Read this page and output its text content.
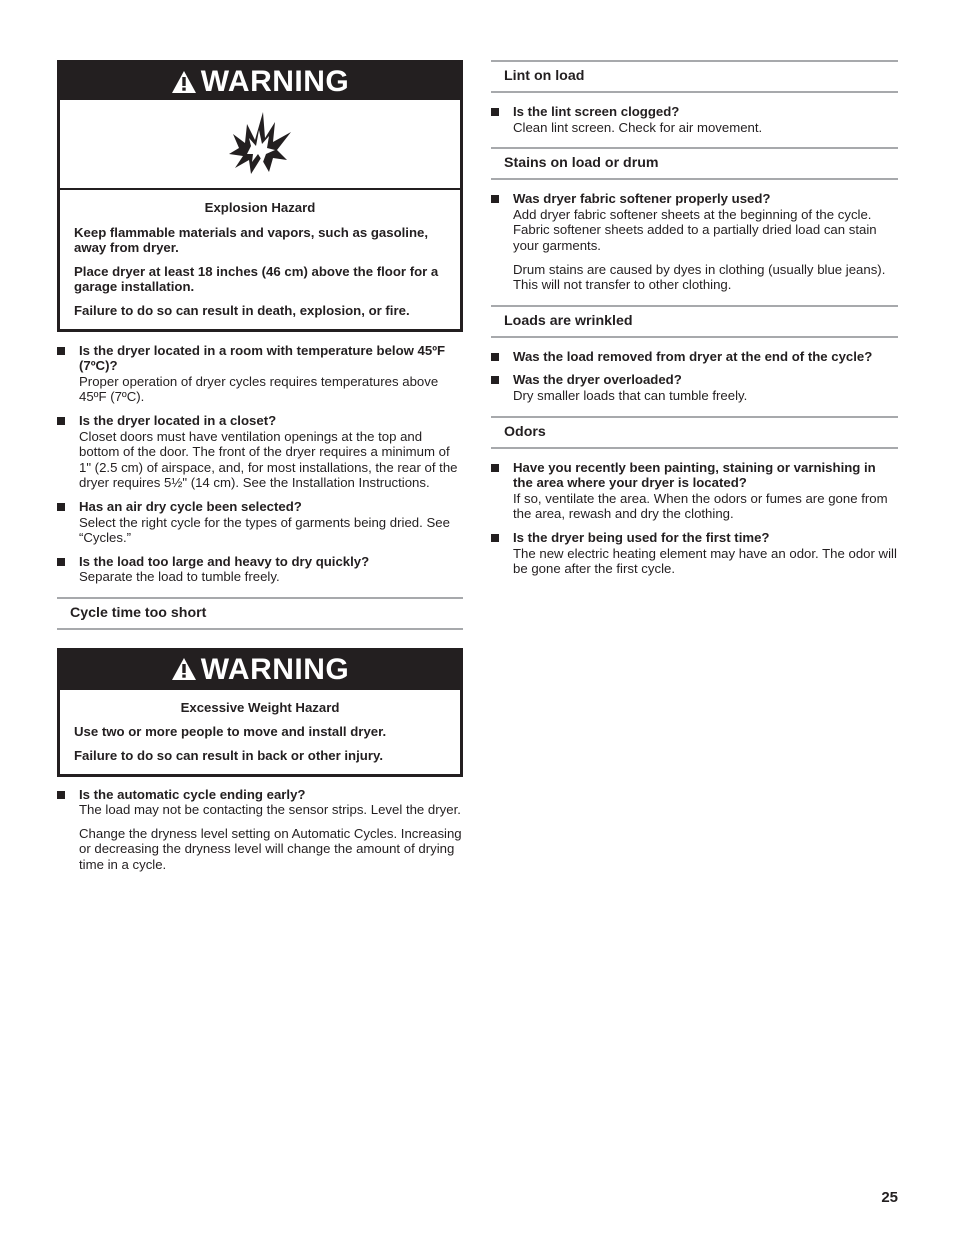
WARNING
Explosion Hazard

Keep flammable materials and vapors, such as gasoline, away from dryer.

Place dryer at least 18 inches (46 cm) above the floor for a garage installation.

Failure to do so can result in death, explosion, or fire.

Is the dryer located in a room with temperature below 45ºF (7ºC)?
Proper operation of dryer cycles requires temperatures above 45ºF (7ºC).
Is the dryer located in a closet?
Closet doors must have ventilation openings at the top and bottom of the door. The front of the dryer requires a minimum of 1" (2.5 cm) of airspace, and, for most installations, the rear of the dryer requires 5½" (14 cm). See the Installation Instructions.
Has an air dry cycle been selected?
Select the right cycle for the types of garments being dried. See “Cycles.”
Is the load too large and heavy to dry quickly?
Separate the load to tumble freely.
Cycle time too short
WARNING
Excessive Weight Hazard

Use two or more people to move and install dryer.

Failure to do so can result in back or other injury.

Is the automatic cycle ending early?
The load may not be contacting the sensor strips. Level the dryer.
Change the dryness level setting on Automatic Cycles. Increasing or decreasing the dryness level will change the amount of drying time in a cycle.
Lint on load
Is the lint screen clogged?
Clean lint screen. Check for air movement.
Stains on load or drum
Was dryer fabric softener properly used?
Add dryer fabric softener sheets at the beginning of the cycle. Fabric softener sheets added to a partially dried load can stain your garments.
Drum stains are caused by dyes in clothing (usually blue jeans). This will not transfer to other clothing.
Loads are wrinkled
Was the load removed from dryer at the end of the cycle?
Was the dryer overloaded?
Dry smaller loads that can tumble freely.
Odors
Have you recently been painting, staining or varnishing in the area where your dryer is located?
If so, ventilate the area. When the odors or fumes are gone from the area, rewash and dry the clothing.
Is the dryer being used for the first time?
The new electric heating element may have an odor. The odor will be gone after the first cycle.
25
